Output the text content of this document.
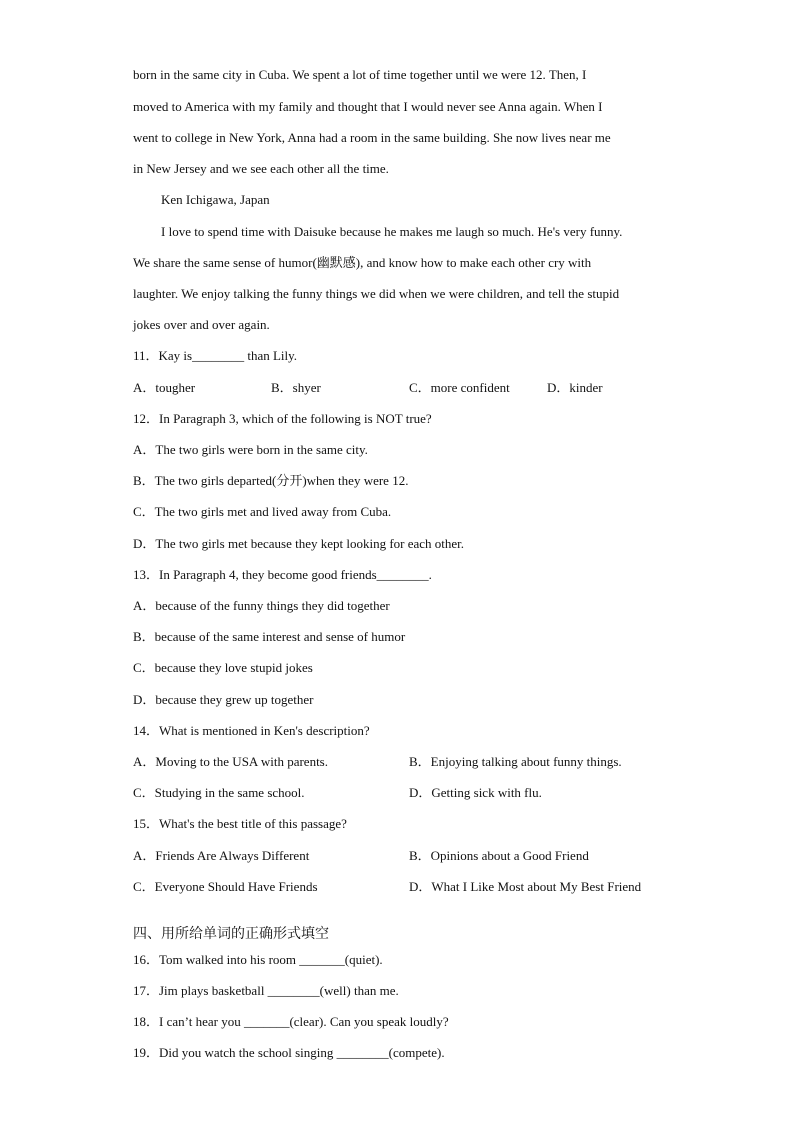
born in the same city in Cuba. We spent a lot of time together until we were 12. Then, I
moved to America with my family and thought that I would never see Anna again. When I
went to college in New York, Anna had a room in the same building. She now lives near me
in New Jersey and we see each other all the time.
Ken Ichigawa, Japan
I love to spend time with Daisuke because he makes me laugh so much. He's very funny.
We share the same sense of humor(幽默感), and know how to make each other cry with
laughter. We enjoy talking the funny things we did when we were children, and tell the stupid
jokes over and over again.
11．Kay is________ than Lily.
A．tougher	B．shyer	C．more confident	D．kinder
12．In Paragraph 3, which of the following is NOT true?
A．The two girls were born in the same city.
B．The two girls departed(分开)when they were 12.
C．The two girls met and lived away from Cuba.
D．The two girls met because they kept looking for each other.
13．In Paragraph 4, they become good friends________.
A．because of the funny things they did together
B．because of the same interest and sense of humor
C．because they love stupid jokes
D．because they grew up together
14．What is mentioned in Ken's description?
A．Moving to the USA with parents.	B．Enjoying talking about funny things.
C．Studying in the same school.	D．Getting sick with flu.
15．What's the best title of this passage?
A．Friends Are Always Different	B．Opinions about a Good Friend
C．Everyone Should Have Friends	D．What I Like Most about My Best Friend
四、用所给单词的正确形式填空
16．Tom walked into his room _______(quiet).
17．Jim plays basketball ________(well) than me.
18．I can’t hear you _______(clear). Can you speak loudly?
19．Did you watch the school singing ________(compete).
